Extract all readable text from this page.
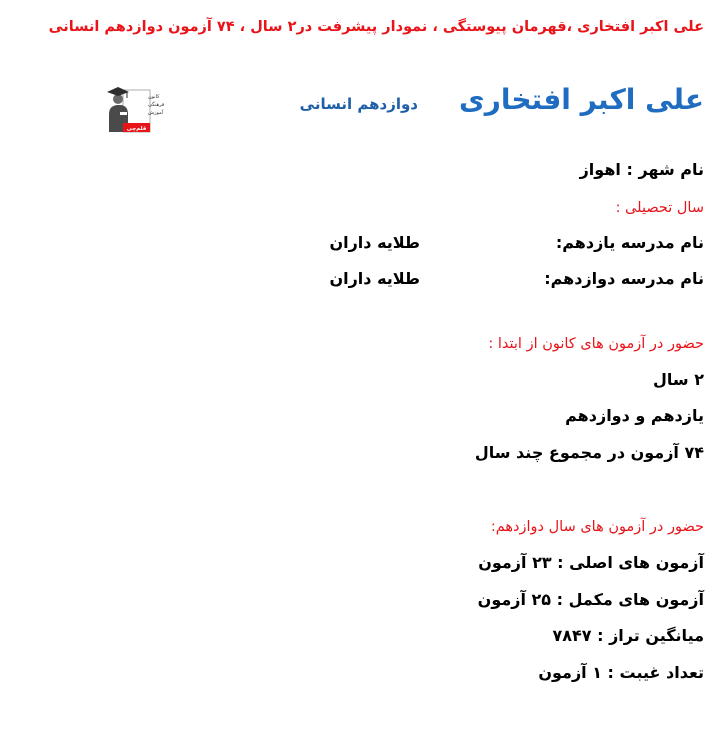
علی اکبر افتخاری ،قهرمان پیوستگی ، نمودار پیشرفت در۲ سال ، ۷۴ آزمون دوازدهم انسانی
علی اکبر افتخاری
دوازدهم انسانی
کانون
فرهنگی
آموزش
قلم‌چی
نام شهر : اهواز
سال تحصیلی :
نام مدرسه یازدهم:
طلایه داران
نام مدرسه دوازدهم:
طلایه داران
حضور در آزمون های کانون از ابتدا :
۲ سال
یازدهم و دوازدهم
۷۴ آزمون در مجموع چند سال
حضور در آزمون های سال دوازدهم:
آزمون های اصلی : ۲۳ آزمون
آزمون های مکمل : ۲۵ آزمون
میانگین تراز : ۷۸۴۷
تعداد غیبت : ۱ آزمون
